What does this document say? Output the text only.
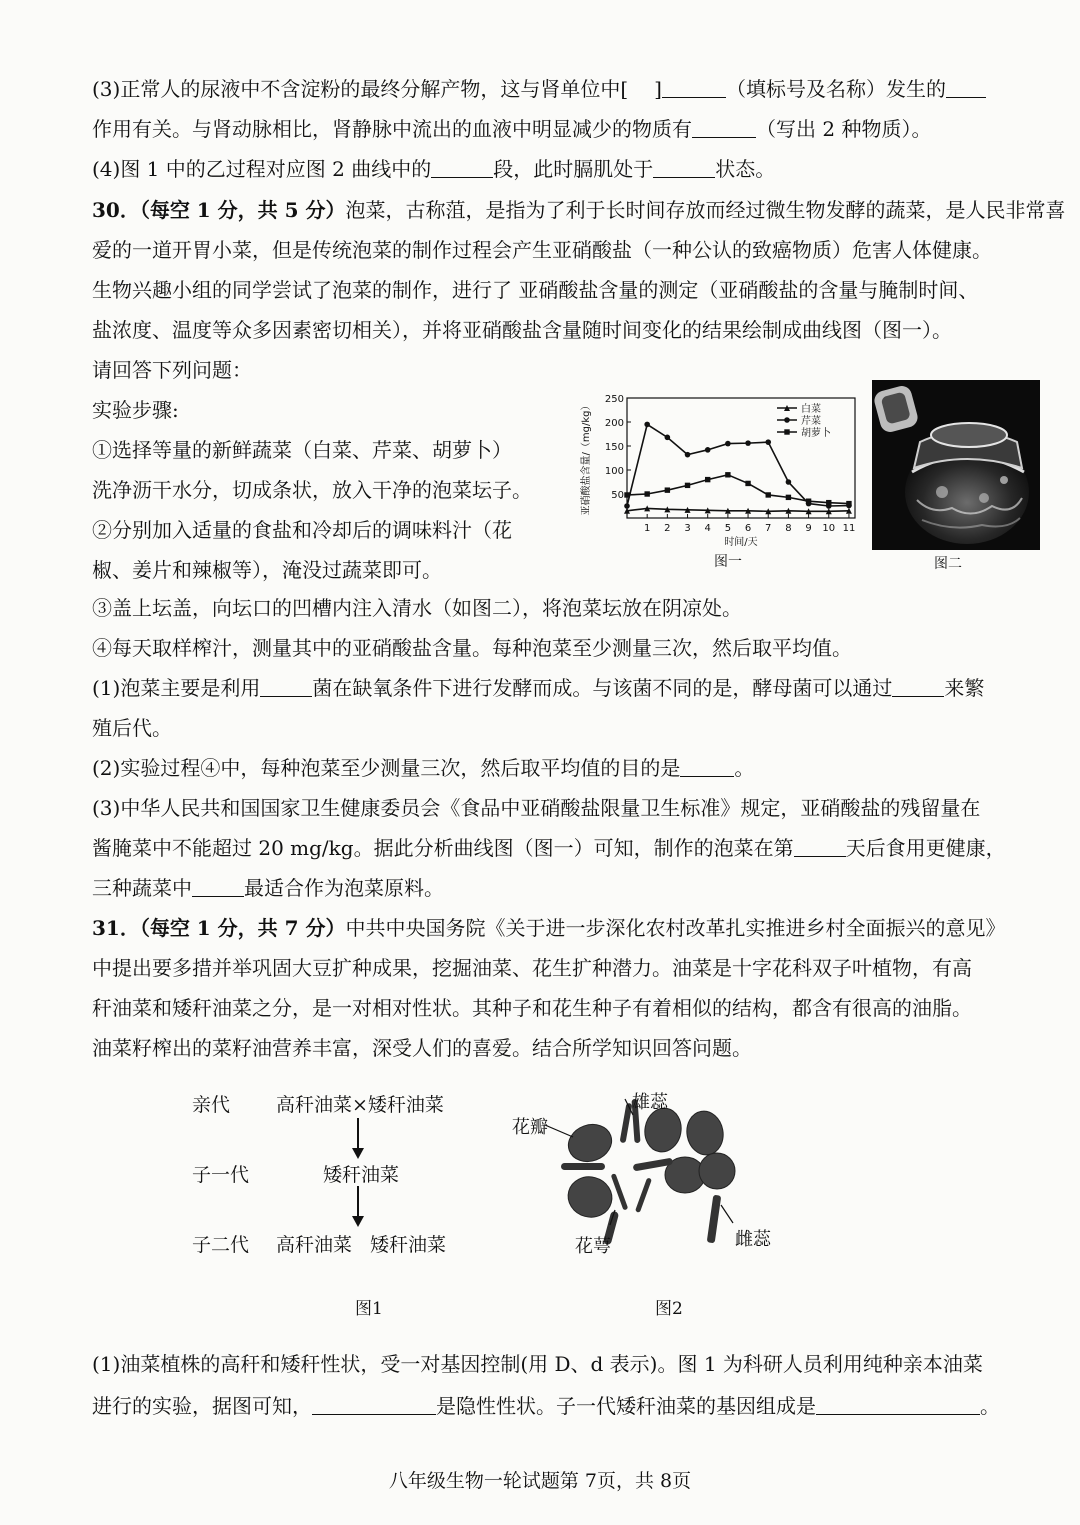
(3)正常人的尿液中不含淀粉的最终分解产物，这与肾单位中[ ]	（填标号及名称）发生的
作用有关。与肾动脉相比，肾静脉中流出的血液中明显减少的物质有	（写出 2 种物质）。
(4)图 1 中的乙过程对应图 2 曲线中的	段，此时膈肌处于	状态。
30．（每空 1 分，共 5 分）泡菜，古称菹，是指为了利于长时间存放而经过微生物发酵的蔬菜，是人民非常喜
爱的一道开胃小菜，但是传统泡菜的制作过程会产生亚硝酸盐（一种公认的致癌物质）危害人体健康。
生物兴趣小组的同学尝试了泡菜的制作，进行了 亚硝酸盐含量的测定（亚硝酸盐的含量与腌制时间、
盐浓度、温度等众多因素密切相关），并将亚硝酸盐含量随时间变化的结果绘制成曲线图（图一）。
请回答下列问题：
实验步骤:
①选择等量的新鲜蔬菜（白菜、芹菜、胡萝卜）
洗净沥干水分，切成条状，放入干净的泡菜坛子。
②分别加入适量的食盐和冷却后的调味料汁（花
椒、姜片和辣椒等），淹没过蔬菜即可。
50
100
150
200
250
1 2 3 4 5 6 7 8 9 10 11
时间/天
亚硝酸盐含量/（mg/kg）	白菜
芹菜
胡萝卜
图一	图二
③盖上坛盖，向坛口的凹槽内注入清水（如图二），将泡菜坛放在阴凉处。
④每天取样榨汁，测量其中的亚硝酸盐含量。每种泡菜至少测量三次，然后取平均值。
(1)泡菜主要是利用	菌在缺氧条件下进行发酵而成。与该菌不同的是，酵母菌可以通过	来繁
殖后代。
(2)实验过程④中，每种泡菜至少测量三次，然后取平均值的目的是	。
(3)中华人民共和国国家卫生健康委员会《食品中亚硝酸盐限量卫生标准》规定，亚硝酸盐的残留量在
酱腌菜中不能超过 20 mg/kg。据此分析曲线图（图一）可知，制作的泡菜在第	天后食用更健康，
三种蔬菜中	最适合作为泡菜原料。
31．（每空 1 分，共 7 分）中共中央国务院《关于进一步深化农村改革扎实推进乡村全面振兴的意见》
中提出要多措并举巩固大豆扩种成果，挖掘油菜、花生扩种潜力。油菜是十字花科双子叶植物，有高
秆油菜和矮秆油菜之分，是一对相对性状。其种子和花生种子有着相似的结构，都含有很高的油脂。
油菜籽榨出的菜籽油营养丰富，深受人们的喜爱。结合所学知识回答问题。
亲代 高秆油菜×矮秆油菜
子一代	矮秆油菜
子二代 高秆油菜 矮秆油菜
图1
雄蕊
花瓣
花萼	雌蕊
图2
(1)油菜植株的高秆和矮秆性状，受一对基因控制(用 D、d 表示)。图 1 为科研人员利用纯种亲本油菜
进行的实验，据图可知，	是隐性性状。子一代矮秆油菜的基因组成是	。
八年级生物一轮试题第 7页，共 8页
